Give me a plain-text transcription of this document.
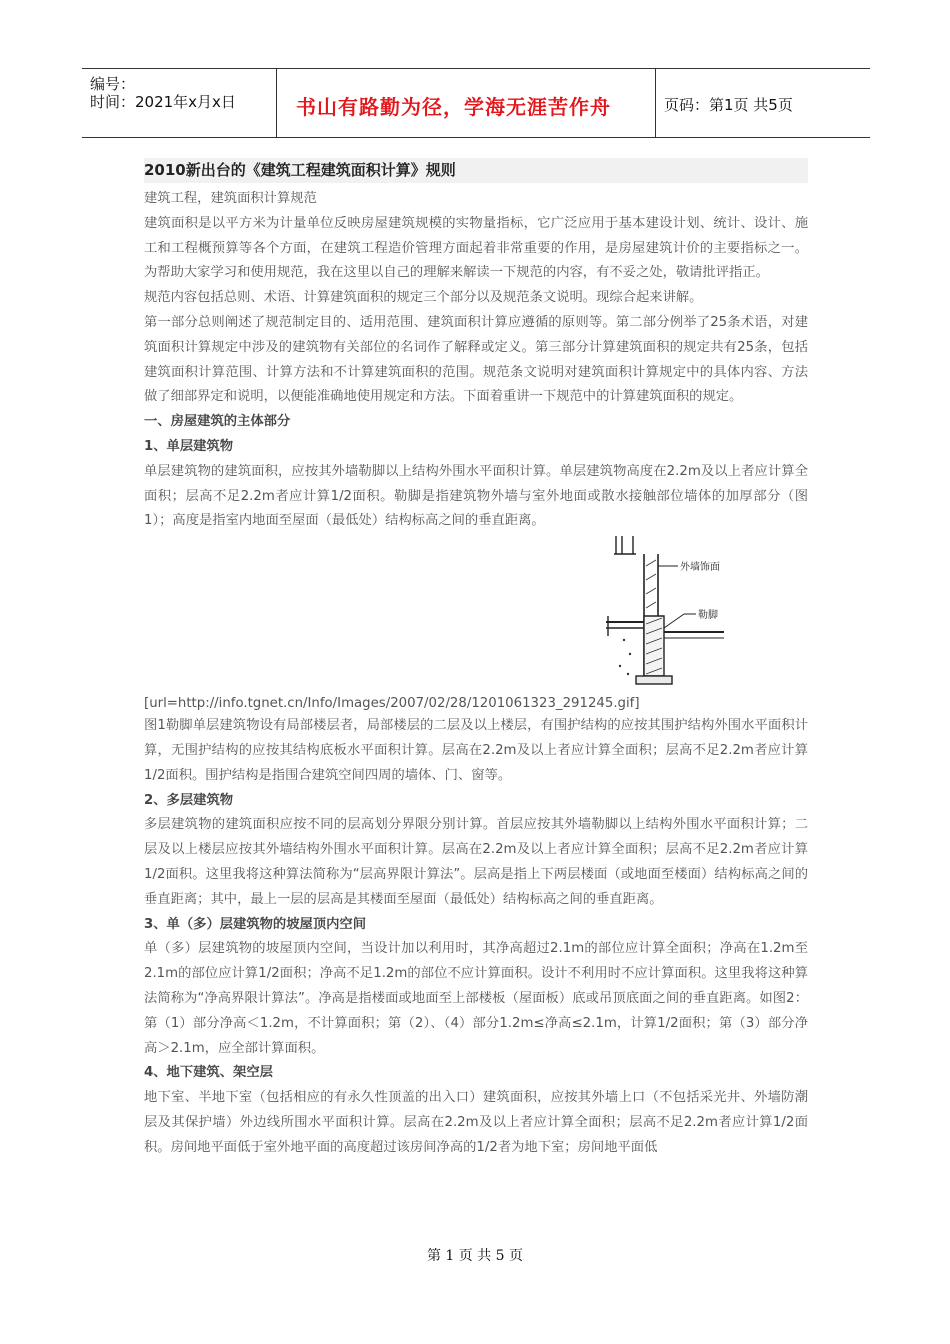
编号：
时间：2021年x月x日	书山有路勤为径，学海无涯苦作舟	页码：第1页 共5页
2010新出台的《建筑工程建筑面积计算》规则

建筑工程，建筑面积计算规范

建筑面积是以平方米为计量单位反映房屋建筑规模的实物量指标，它广泛应用于基本建设计划、统计、设计、施工和工程概预算等各个方面，在建筑工程造价管理方面起着非常重要的作用，是房屋建筑计价的主要指标之一。为帮助大家学习和使用规范，我在这里以自己的理解来解读一下规范的内容，有不妥之处，敬请批评指正。

规范内容包括总则、术语、计算建筑面积的规定三个部分以及规范条文说明。现综合起来讲解。

第一部分总则阐述了规范制定目的、适用范围、建筑面积计算应遵循的原则等。第二部分例举了25条术语，对建筑面积计算规定中涉及的建筑物有关部位的名词作了解释或定义。第三部分计算建筑面积的规定共有25条，包括建筑面积计算范围、计算方法和不计算建筑面积的范围。规范条文说明对建筑面积计算规定中的具体内容、方法做了细部界定和说明，以便能准确地使用规定和方法。下面着重讲一下规范中的计算建筑面积的规定。

一、房屋建筑的主体部分

1、单层建筑物

单层建筑物的建筑面积，应按其外墙勒脚以上结构外围水平面积计算。单层建筑物高度在2.2m及以上者应计算全面积；层高不足2.2m者应计算1/2面积。勒脚是指建筑物外墙与室外地面或散水接触部位墙体的加厚部分（图1）；高度是指室内地面至屋面（最低处）结构标高之间的垂直距离。

外墙饰面
勒脚

[url=http://info.tgnet.cn/Info/Images/2007/02/28/1201061323_291245.gif]

图1勒脚单层建筑物设有局部楼层者，局部楼层的二层及以上楼层，有围护结构的应按其围护结构外围水平面积计算，无围护结构的应按其结构底板水平面积计算。层高在2.2m及以上者应计算全面积；层高不足2.2m者应计算1/2面积。围护结构是指围合建筑空间四周的墙体、门、窗等。

2、多层建筑物

多层建筑物的建筑面积应按不同的层高划分界限分别计算。首层应按其外墙勒脚以上结构外围水平面积计算；二层及以上楼层应按其外墙结构外围水平面积计算。层高在2.2m及以上者应计算全面积；层高不足2.2m者应计算1/2面积。这里我将这种算法简称为“层高界限计算法”。层高是指上下两层楼面（或地面至楼面）结构标高之间的垂直距离；其中，最上一层的层高是其楼面至屋面（最低处）结构标高之间的垂直距离。

3、单（多）层建筑物的坡屋顶内空间

单（多）层建筑物的坡屋顶内空间，当设计加以利用时，其净高超过2.1m的部位应计算全面积；净高在1.2m至2.1m的部位应计算1/2面积；净高不足1.2m的部位不应计算面积。设计不利用时不应计算面积。这里我将这种算法简称为“净高界限计算法”。净高是指楼面或地面至上部楼板（屋面板）底或吊顶底面之间的垂直距离。如图2：第（1）部分净高＜1.2m，不计算面积；第（2）、（4）部分1.2m≤净高≤2.1m，计算1/2面积；第（3）部分净高＞2.1m，应全部计算面积。

4、地下建筑、架空层

地下室、半地下室（包括相应的有永久性顶盖的出入口）建筑面积，应按其外墙上口（不包括采光井、外墙防潮层及其保护墙）外边线所围水平面积计算。层高在2.2m及以上者应计算全面积；层高不足2.2m者应计算1/2面积。房间地平面低于室外地平面的高度超过该房间净高的1/2者为地下室；房间地平面低

第 1 页 共 5 页
